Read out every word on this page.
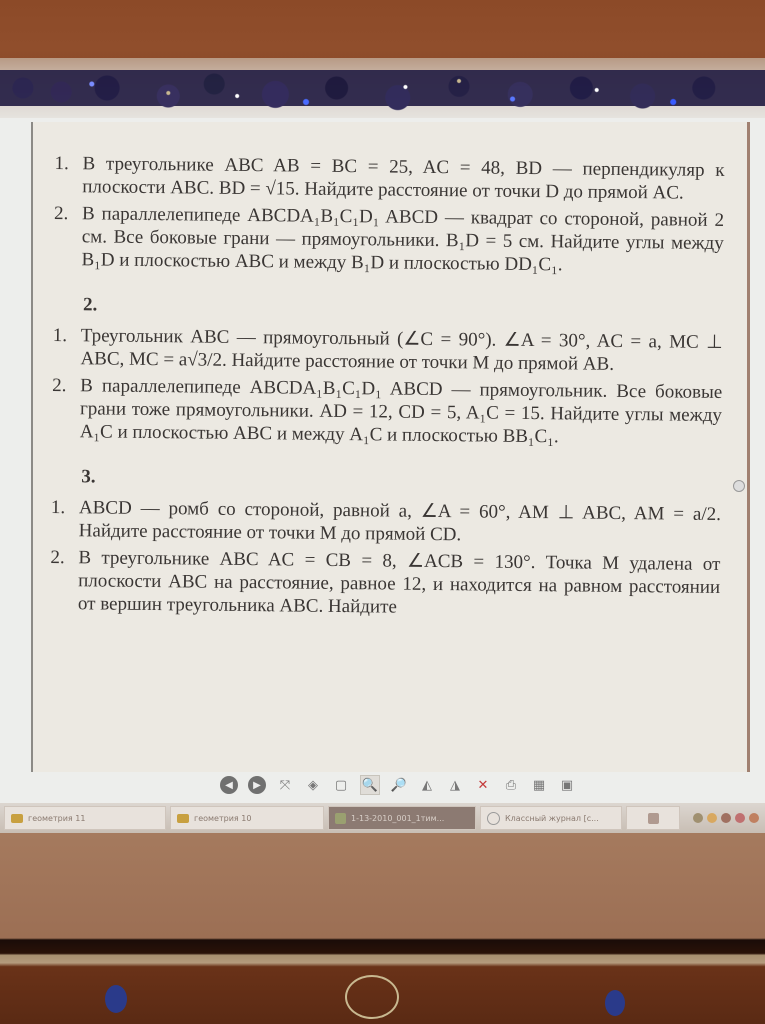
1. В треугольнике ABC AB = BC = 25, AC = 48, BD — перпендикуляр к плоскости ABC. BD = √15. Найдите расстояние от точки D до прямой AC.
2. В параллелепипеде ABCDA₁B₁C₁D₁ ABCD — квадрат со стороной, равной 2 см. Все боковые грани — прямоугольники. B₁D = 5 см. Найдите углы между B₁D и плоскостью ABC и между B₁D и плоскостью DD₁C₁.
2.
1. Треугольник ABC — прямоугольный (∠C = 90°). ∠A = 30°, AC = a, MC ⊥ ABC, MC = a√3/2. Найдите расстояние от точки M до прямой AB.
2. В параллелепипеде ABCDA₁B₁C₁D₁ ABCD — прямоугольник. Все боковые грани тоже прямоугольники. AD = 12, CD = 5, A₁C = 15. Найдите углы между A₁C и плоскостью ABC и между A₁C и плоскостью BB₁C₁.
3.
1. ABCD — ромб со стороной, равной a, ∠A = 60°, AM ⊥ ABC, AM = a/2. Найдите расстояние от точки M до прямой CD.
2. В треугольнике ABC AC = CB = 8, ∠ACB = 130°. Точка M удалена от плоскости ABC на расстояние, равное 12, и находится на равном расстоянии от вершин треугольника ABC. Найдите
◀	▶	⤧	◈	▢ 🔍 🔎	◭	◮	✕ ⎙ ▦ ▣
геометрия 11	геометрия 10	1-13-2010_001_1тим...	Классный журнал [с...
